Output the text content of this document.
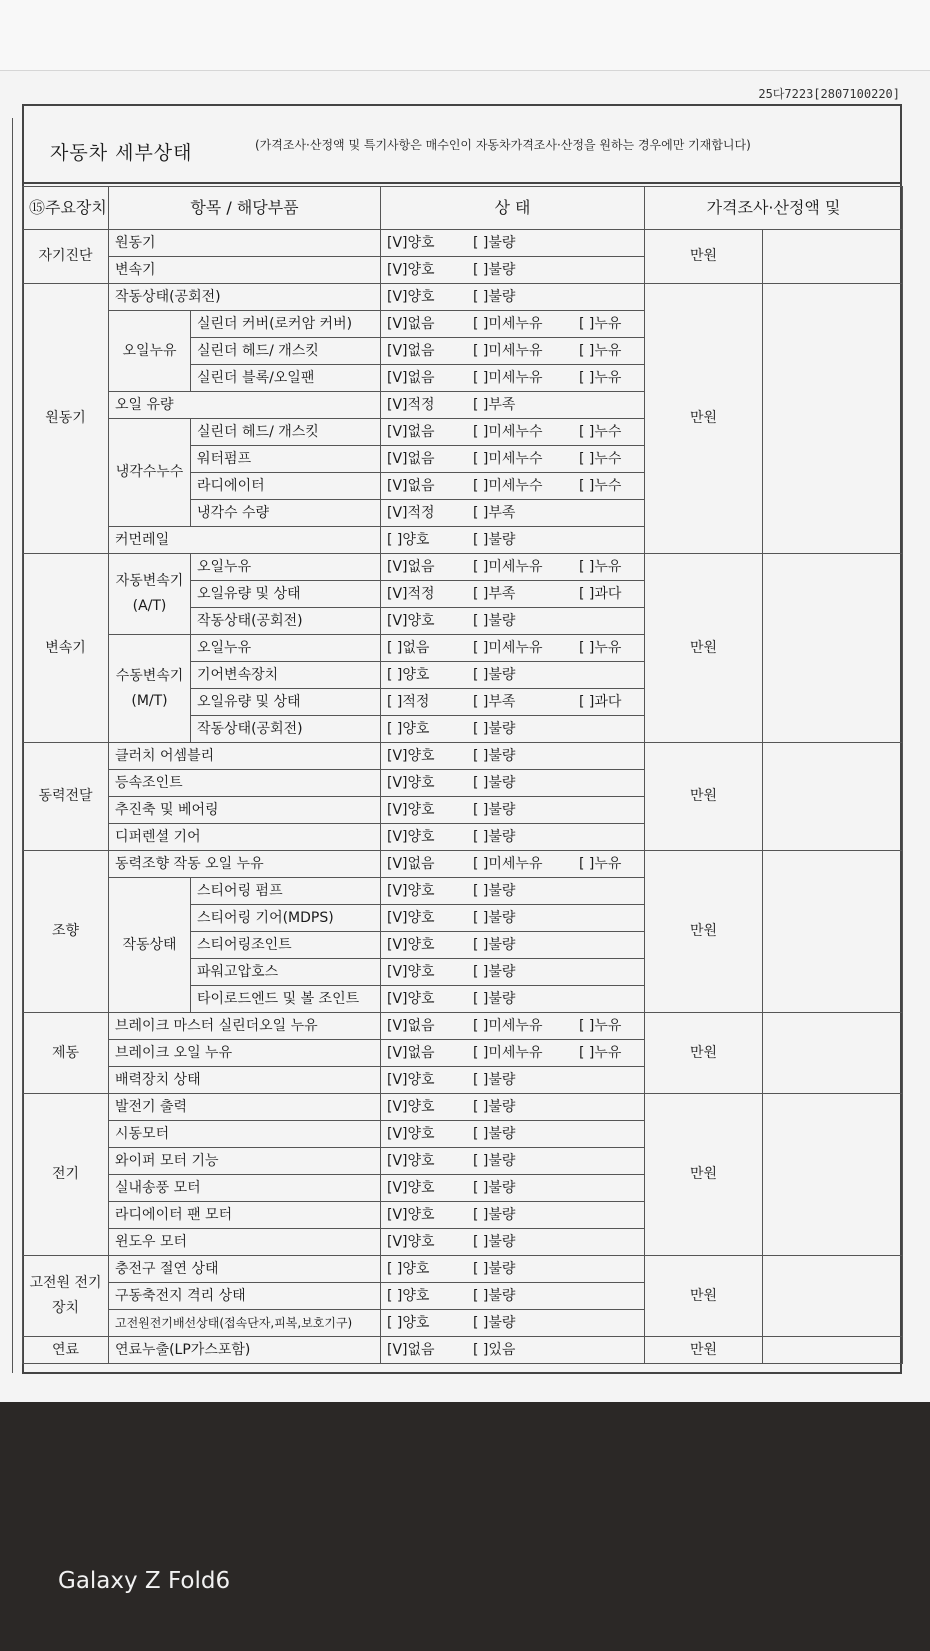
25다7223[2807100220]
자동차 세부상태	(가격조사·산정액 및 특기사항은 매수인이 자동차가격조사·산정을 원하는 경우에만 기재합니다)
⑮주요장치	항목 / 해당부품		상 태	가격조사·산정액 및	
자기진단	원동기		[V]양호 [ ]불량	만원	
	변속기		[V]양호 [ ]불량		
원동기	작동상태(공회전)		[V]양호 [ ]불량	만원	
	오일누유	실린더 커버(로커암 커버)	[V]없음 [ ]미세누유 [ ]누유		
		실린더 헤드/ 개스킷	[V]없음 [ ]미세누유 [ ]누유		
		실린더 블록/오일팬	[V]없음 [ ]미세누유 [ ]누유		
	오일 유량		[V]적정 [ ]부족		
	냉각수누수	실린더 헤드/ 개스킷	[V]없음 [ ]미세누수 [ ]누수		
		워터펌프	[V]없음 [ ]미세누수 [ ]누수		
		라디에이터	[V]없음 [ ]미세누수 [ ]누수		
		냉각수 수량	[V]적정 [ ]부족		
	커먼레일		[ ]양호 [ ]불량		
변속기	자동변속기 (A/T)	오일누유	[V]없음 [ ]미세누유 [ ]누유	만원	
		오일유량 및 상태	[V]적정 [ ]부족 [ ]과다		
		작동상태(공회전)	[V]양호 [ ]불량		
	수동변속기 (M/T)	오일누유	[ ]없음 [ ]미세누유 [ ]누유		
		기어변속장치	[ ]양호 [ ]불량		
		오일유량 및 상태	[ ]적정 [ ]부족 [ ]과다		
		작동상태(공회전)	[ ]양호 [ ]불량		
동력전달	클러치 어셈블리		[V]양호 [ ]불량	만원	
	등속조인트		[V]양호 [ ]불량		
	추진축 및 베어링		[V]양호 [ ]불량		
	디퍼렌셜 기어		[V]양호 [ ]불량		
조향	동력조향 작동 오일 누유		[V]없음 [ ]미세누유 [ ]누유	만원	
	작동상태	스티어링 펌프	[V]양호 [ ]불량		
		스티어링 기어(MDPS)	[V]양호 [ ]불량		
		스티어링조인트	[V]양호 [ ]불량		
		파워고압호스	[V]양호 [ ]불량		
		타이로드엔드 및 볼 조인트	[V]양호 [ ]불량		
제동	브레이크 마스터 실린더오일 누유		[V]없음 [ ]미세누유 [ ]누유	만원	
	브레이크 오일 누유		[V]없음 [ ]미세누유 [ ]누유		
	배력장치 상태		[V]양호 [ ]불량		
전기	발전기 출력		[V]양호 [ ]불량	만원	
	시동모터		[V]양호 [ ]불량		
	와이퍼 모터 기능		[V]양호 [ ]불량		
	실내송풍 모터		[V]양호 [ ]불량		
	라디에이터 팬 모터		[V]양호 [ ]불량		
	윈도우 모터		[V]양호 [ ]불량		
고전원 전기장치	충전구 절연 상태		[ ]양호 [ ]불량	만원	
	구동축전지 격리 상태		[ ]양호 [ ]불량		
	고전원전기배선상태(접속단자,피복,보호기구)		[ ]양호 [ ]불량		
연료	연료누출(LP가스포함)		[V]없음 [ ]있음	만원	
Galaxy Z Fold6
